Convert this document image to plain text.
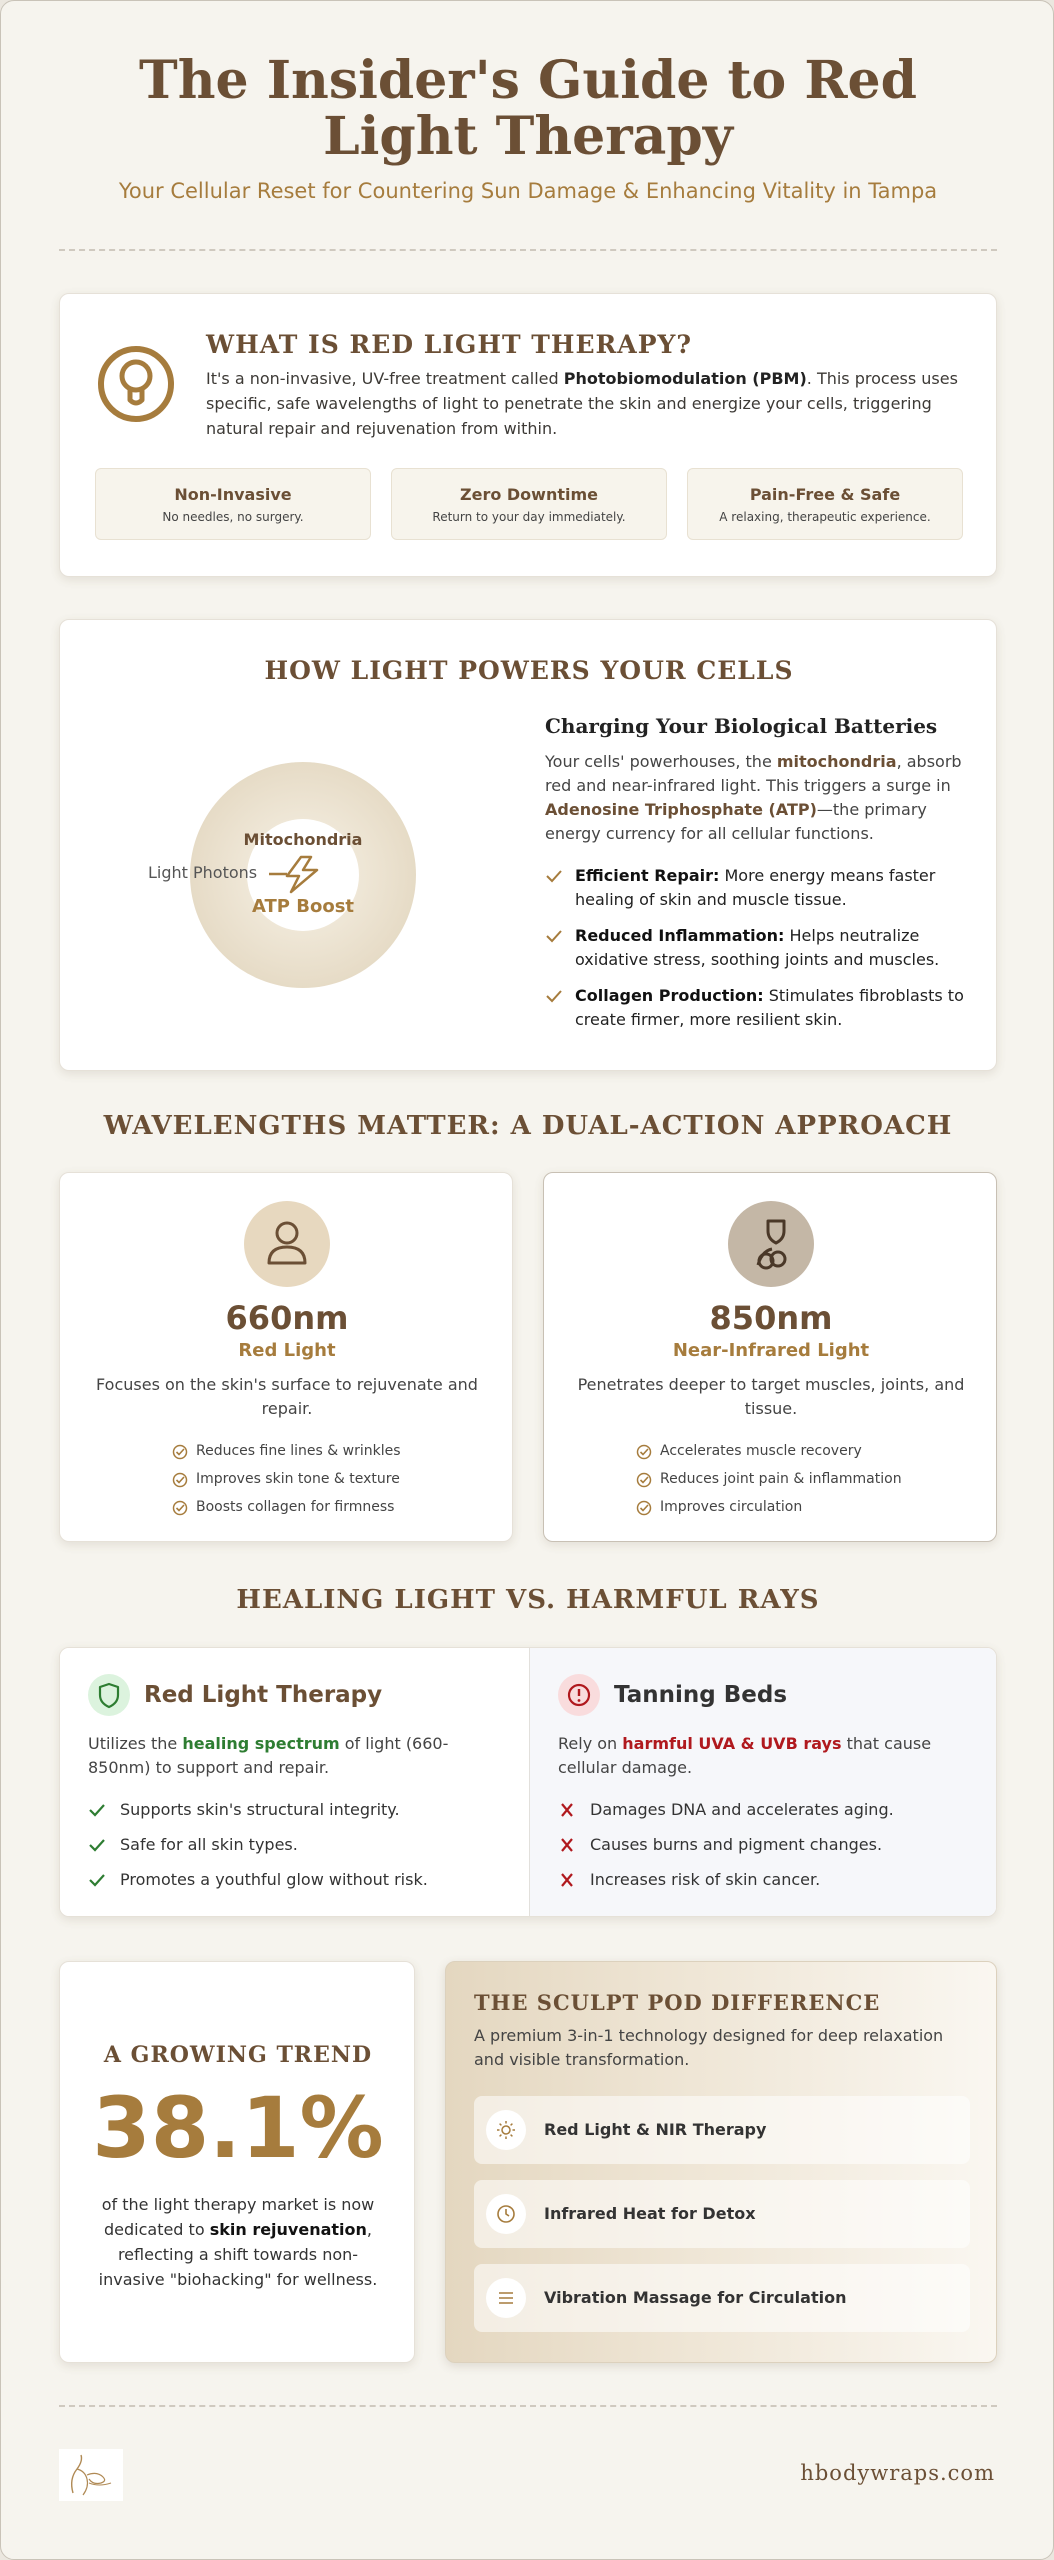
The Insider's Guide to Red Light Therapy
Your Cellular Reset for Countering Sun Damage & Enhancing Vitality in Tampa
WHAT IS RED LIGHT THERAPY?
It's a non-invasive, UV-free treatment called Photobiomodulation (PBM). This process uses specific, safe wavelengths of light to penetrate the skin and energize your cells, triggering natural repair and rejuvenation from within.
Non-Invasive
No needles, no surgery.
Zero Downtime
Return to your day immediately.
Pain-Free & Safe
A relaxing, therapeutic experience.
HOW LIGHT POWERS YOUR CELLS
Mitochondria
ATP Boost
Light Photons
Charging Your Biological Batteries
Your cells' powerhouses, the mitochondria, absorb red and near-infrared light. This triggers a surge in Adenosine Triphosphate (ATP)—the primary energy currency for all cellular functions.
Efficient Repair: More energy means faster healing of skin and muscle tissue.
Reduced Inflammation: Helps neutralize oxidative stress, soothing joints and muscles.
Collagen Production: Stimulates fibroblasts to create firmer, more resilient skin.
WAVELENGTHS MATTER: A DUAL-ACTION APPROACH
660nm
Red Light
Focuses on the skin's surface to rejuvenate and repair.
Reduces fine lines & wrinkles
Improves skin tone & texture
Boosts collagen for firmness
850nm
Near-Infrared Light
Penetrates deeper to target muscles, joints, and tissue.
Accelerates muscle recovery
Reduces joint pain & inflammation
Improves circulation
HEALING LIGHT VS. HARMFUL RAYS
Red Light Therapy
Utilizes the healing spectrum of light (660-850nm) to support and repair.
Supports skin's structural integrity.
Safe for all skin types.
Promotes a youthful glow without risk.
Tanning Beds
Rely on harmful UVA & UVB rays that cause cellular damage.
Damages DNA and accelerates aging.
Causes burns and pigment changes.
Increases risk of skin cancer.
A GROWING TREND
38.1%
of the light therapy market is now dedicated to skin rejuvenation, reflecting a shift towards non-invasive "biohacking" for wellness.
THE SCULPT POD DIFFERENCE
A premium 3-in-1 technology designed for deep relaxation and visible transformation.
Red Light & NIR Therapy
Infrared Heat for Detox
Vibration Massage for Circulation
hbodywraps.com
